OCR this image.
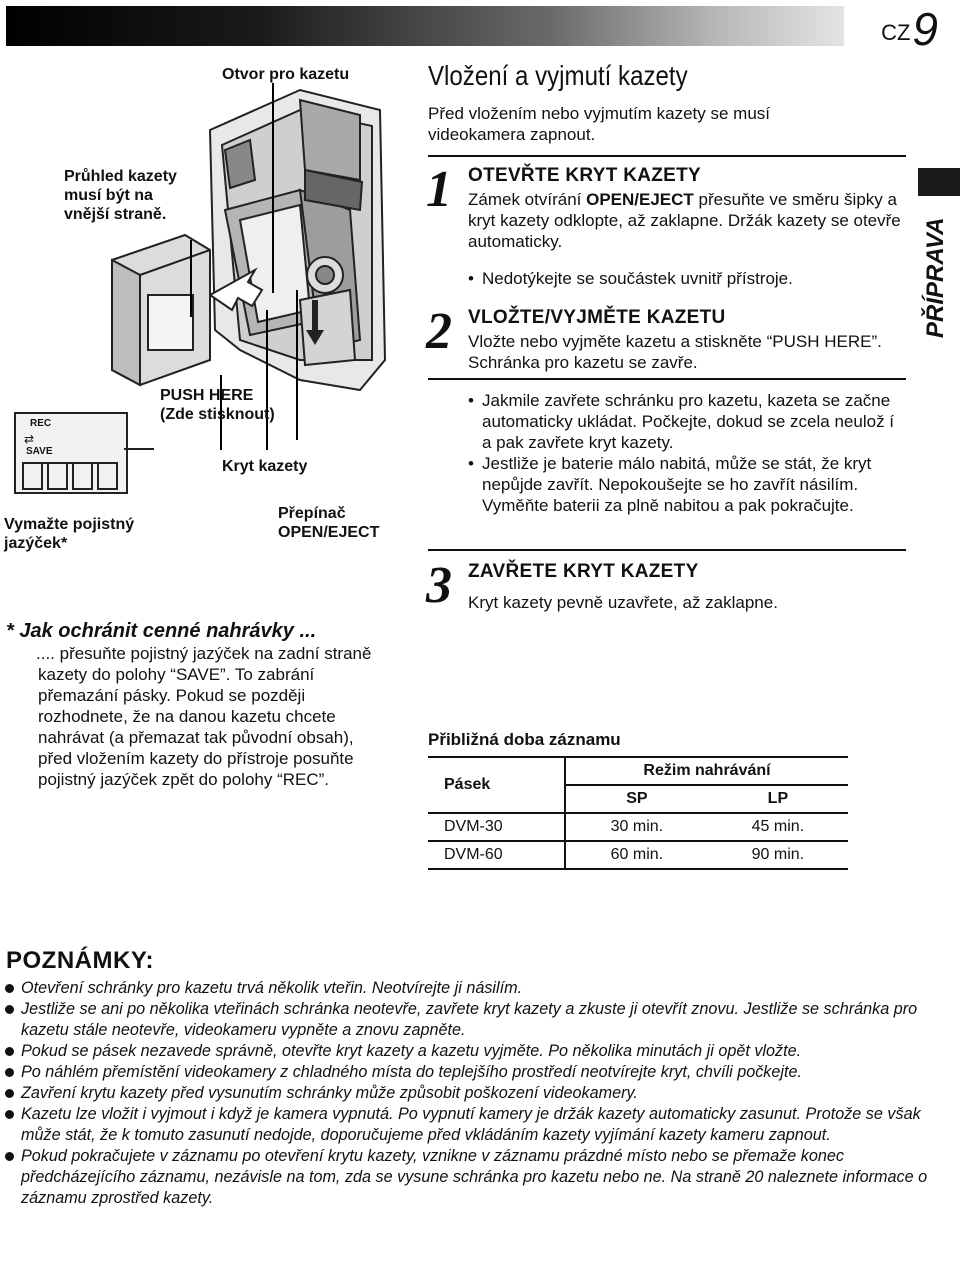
CZ 9
PŘÍPRAVA
REC
⇄
SAVE
Otvor pro kazetu
Průhled kazety
musí být na
vnější straně.
PUSH HERE
(Zde stisknout)
Kryt kazety
Přepínač
OPEN/EJECT
Vymažte pojistný
jazýček*
* Jak ochránit cenné nahrávky ...
.... přesuňte pojistný jazýček na zadní straně kazety do polohy “SAVE”. To zabrání přemazání pásky. Pokud se později rozhodnete, že na danou kazetu chcete nahrávat (a přemazat tak původní obsah), před vložením kazety do přístroje posuňte pojistný jazýček zpět do polohy “REC”.
Vložení a vyjmutí kazety
Před vložením nebo vyjmutím kazety se musí videokamera zapnout.
1 OTEVŘTE KRYT KAZETY
Zámek otvírání OPEN/EJECT přesuňte ve směru šipky a kryt kazety odklopte, až zaklapne. Držák kazety se otevře automaticky.
• Nedotýkejte se součástek uvnitř přístroje.
2 VLOŽTE/VYJMĚTE KAZETU
Vložte nebo vyjměte kazetu a stiskněte “PUSH HERE”. Schránka pro kazetu se zavře.
• Jakmile zavřete schránku pro kazetu, kazeta se začne automaticky ukládat. Počkejte, dokud se zcela neulož í a pak zavřete kryt kazety.
• Jestliže je baterie málo nabitá, může se stát, že kryt nepůjde zavřít. Nepokoušejte se ho zavřít násilím. Vyměňte baterii za plně nabitou a pak pokračujte.
3 ZAVŘETE KRYT KAZETY
Kryt kazety pevně uzavřete, až zaklapne.
Přibližná doba záznamu
Pásek	Režim nahrávání	
	SP	LP
DVM-30	30 min.	45 min.
DVM-60	60 min.	90 min.
POZNÁMKY:
Otevření schránky pro kazetu trvá několik vteřin. Neotvírejte ji násilím.
Jestliže se ani po několika vteřinách schránka neotevře, zavřete kryt kazety a zkuste ji otevřít znovu. Jestliže se schránka pro kazetu stále neotevře, videokameru vypněte a znovu zapněte.
Pokud se pásek nezavede správně, otevřte kryt kazety a kazetu vyjměte. Po několika minutách ji opět vložte.
Po náhlém přemístění videokamery z chladného místa do teplejšího prostředí neotvírejte kryt, chvíli počkejte.
Zavření krytu kazety před vysunutím schránky může způsobit poškození videokamery.
Kazetu lze vložit i vyjmout i když je kamera vypnutá. Po vypnutí kamery je držák kazety automaticky zasunut. Protože se však může stát, že k tomuto zasunutí nedojde, doporučujeme před vkládáním kazety vyjímání kazety kameru zapnout.
Pokud pokračujete v záznamu po otevření krytu kazety, vznikne v záznamu prázdné místo nebo se přemaže konec předcházejícího záznamu, nezávisle na tom, zda se vysune schránka pro kazetu nebo ne. Na straně 20 naleznete informace o záznamu zprostřed kazety.
